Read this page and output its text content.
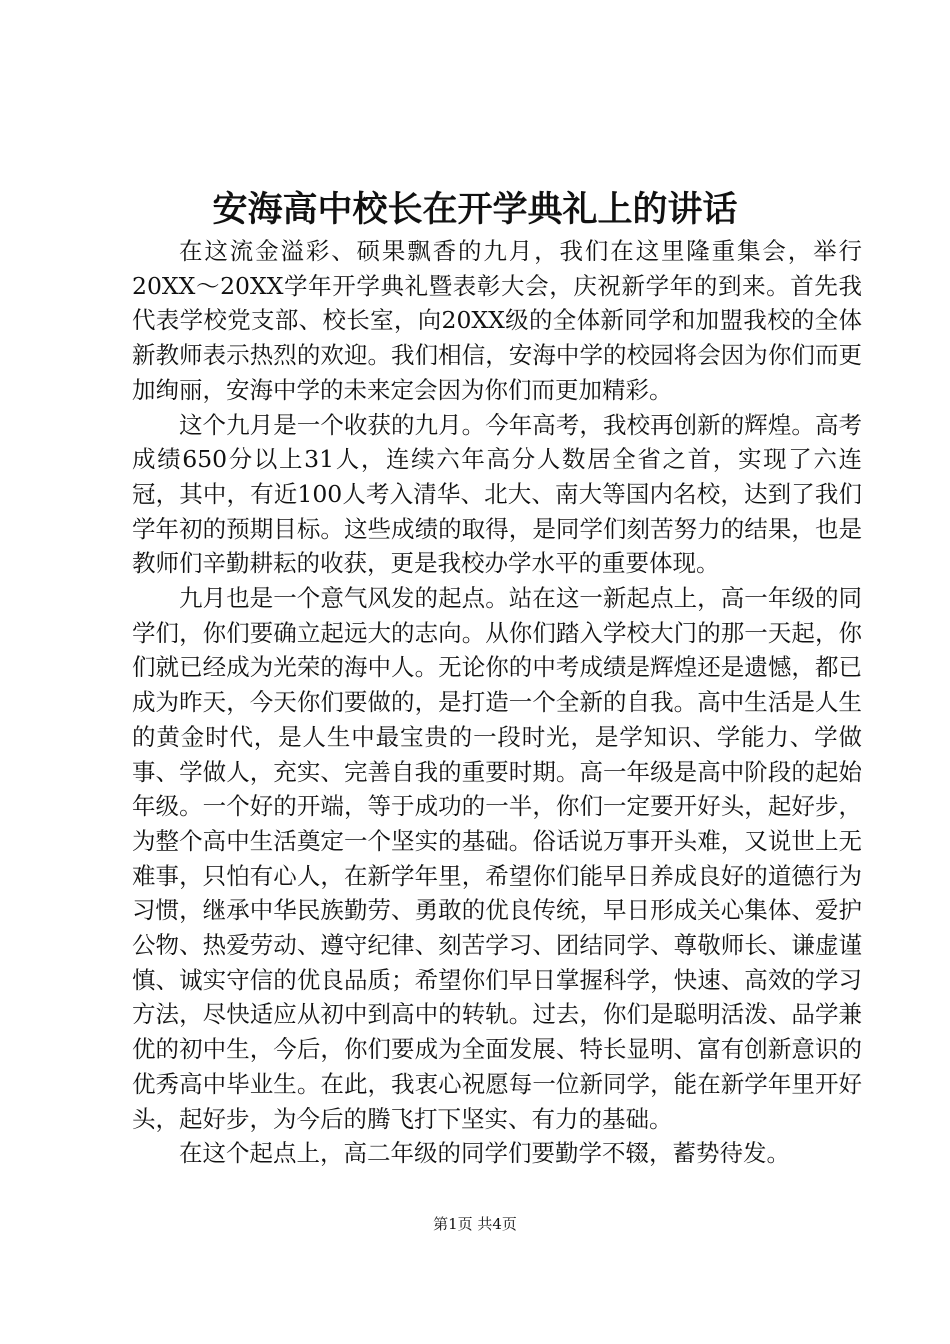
安海高中校长在开学典礼上的讲话

在这流金溢彩、硕果飘香的九月，我们在这里隆重集会，举行20XX～20XX学年开学典礼暨表彰大会，庆祝新学年的到来。首先我代表学校党支部、校长室，向20XX级的全体新同学和加盟我校的全体新教师表示热烈的欢迎。我们相信，安海中学的校园将会因为你们而更加绚丽，安海中学的未来定会因为你们而更加精彩。

这个九月是一个收获的九月。今年高考，我校再创新的辉煌。高考成绩650分以上31人，连续六年高分人数居全省之首，实现了六连冠，其中，有近100人考入清华、北大、南大等国内名校，达到了我们学年初的预期目标。这些成绩的取得，是同学们刻苦努力的结果，也是教师们辛勤耕耘的收获，更是我校办学水平的重要体现。

九月也是一个意气风发的起点。站在这一新起点上，高一年级的同学们，你们要确立起远大的志向。从你们踏入学校大门的那一天起，你们就已经成为光荣的海中人。无论你的中考成绩是辉煌还是遗憾，都已成为昨天，今天你们要做的，是打造一个全新的自我。高中生活是人生的黄金时代，是人生中最宝贵的一段时光，是学知识、学能力、学做事、学做人，充实、完善自我的重要时期。高一年级是高中阶段的起始年级。一个好的开端，等于成功的一半，你们一定要开好头，起好步，为整个高中生活奠定一个坚实的基础。俗话说万事开头难，又说世上无难事，只怕有心人，在新学年里，希望你们能早日养成良好的道德行为习惯，继承中华民族勤劳、勇敢的优良传统，早日形成关心集体、爱护公物、热爱劳动、遵守纪律、刻苦学习、团结同学、尊敬师长、谦虚谨慎、诚实守信的优良品质；希望你们早日掌握科学，快速、高效的学习方法，尽快适应从初中到高中的转轨。过去，你们是聪明活泼、品学兼优的初中生，今后，你们要成为全面发展、特长显明、富有创新意识的优秀高中毕业生。在此，我衷心祝愿每一位新同学，能在新学年里开好头，起好步，为今后的腾飞打下坚实、有力的基础。

在这个起点上，高二年级的同学们要勤学不辍，蓄势待发。

第1页 共4页
